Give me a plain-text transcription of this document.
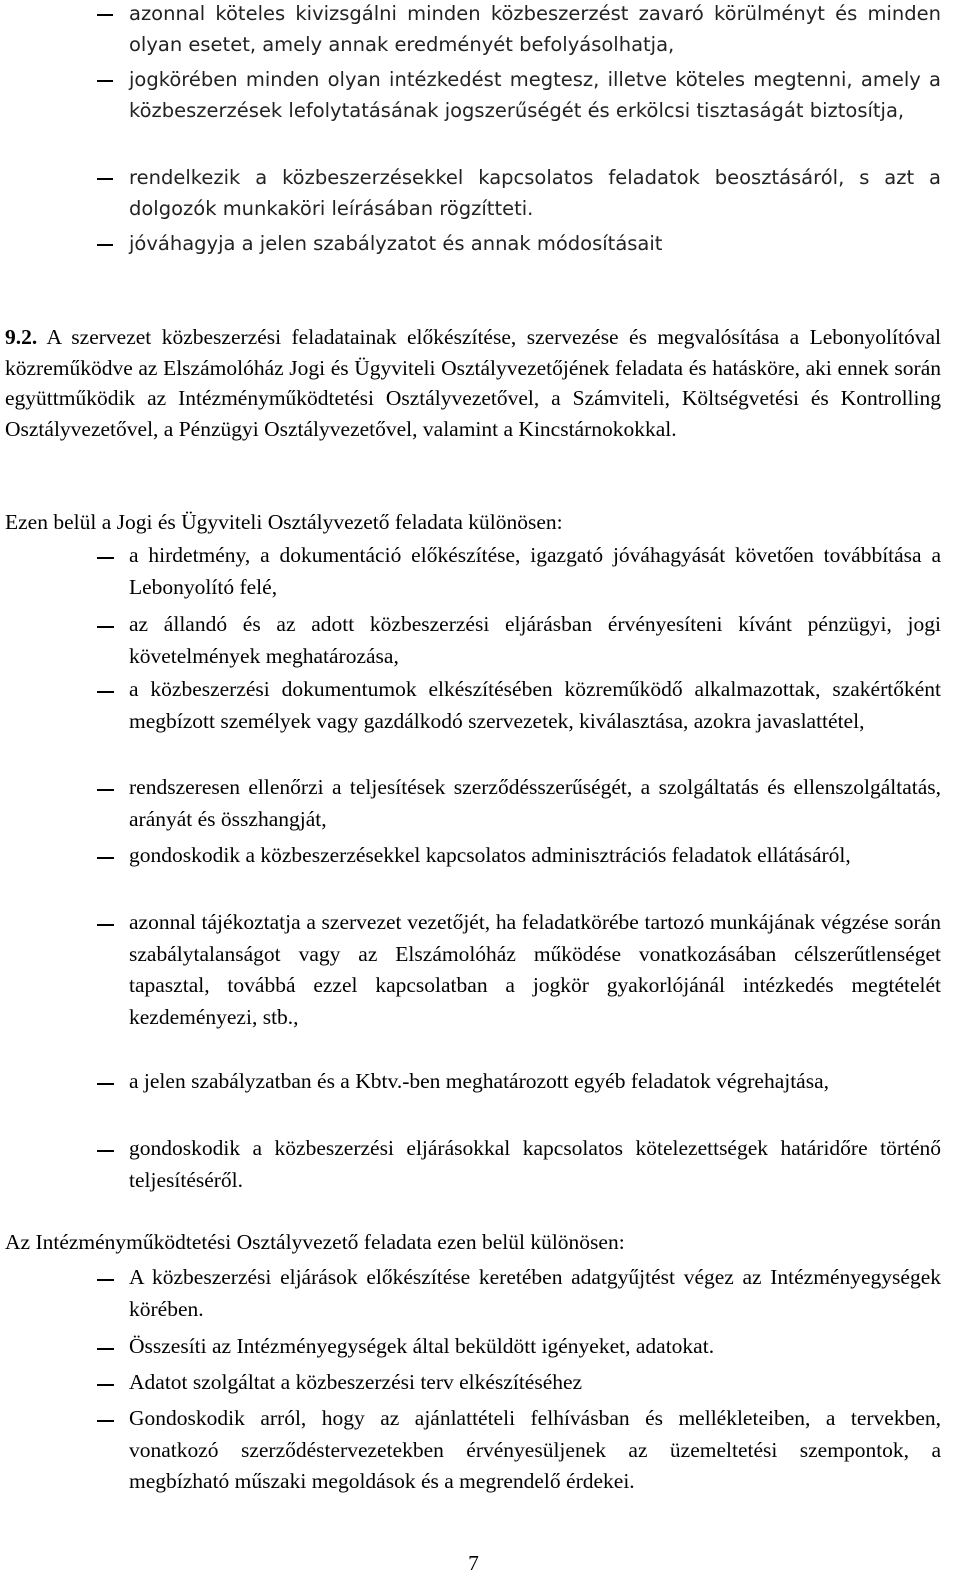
azonnal köteles kivizsgálni minden közbeszerzést zavaró körülményt és minden olyan esetet, amely annak eredményét befolyásolhatja,
jogkörében minden olyan intézkedést megtesz, illetve köteles megtenni, amely a közbeszerzések lefolytatásának jogszerűségét és erkölcsi tisztaságát biztosítja,
rendelkezik a közbeszerzésekkel kapcsolatos feladatok beosztásáról, s azt a dolgozók munkaköri leírásában rögzítteti.
jóváhagyja a jelen szabályzatot és annak módosításait
9.2. A szervezet közbeszerzési feladatainak előkészítése, szervezése és megvalósítása a Lebonyolítóval közreműködve az Elszámolóház Jogi és Ügyviteli Osztályvezetőjének feladata és hatásköre, aki ennek során együttműködik az Intézményműködtetési Osztályvezetővel, a Számviteli, Költségvetési és Kontrolling Osztályvezetővel, a Pénzügyi Osztályvezetővel, valamint a Kincstárnokokkal.
Ezen belül a Jogi és Ügyviteli Osztályvezető feladata különösen:
a hirdetmény, a dokumentáció előkészítése, igazgató jóváhagyását követően továbbítása a Lebonyolító felé,
az állandó és az adott közbeszerzési eljárásban érvényesíteni kívánt pénzügyi, jogi követelmények meghatározása,
a közbeszerzési dokumentumok elkészítésében közreműködő alkalmazottak, szakértőként megbízott személyek vagy gazdálkodó szervezetek, kiválasztása, azokra javaslattétel,
rendszeresen ellenőrzi a teljesítések szerződésszerűségét, a szolgáltatás és ellenszolgáltatás, arányát és összhangját,
gondoskodik a közbeszerzésekkel kapcsolatos adminisztrációs feladatok ellátásáról,
azonnal tájékoztatja a szervezet vezetőjét, ha feladatkörébe tartozó munkájának végzése során szabálytalanságot vagy az Elszámolóház működése vonatkozásában célszerűtlenséget tapasztal, továbbá ezzel kapcsolatban a jogkör gyakorlójánál intézkedés megtételét kezdeményezi, stb.,
a jelen szabályzatban és a Kbtv.-ben meghatározott egyéb feladatok végrehajtása,
gondoskodik a közbeszerzési eljárásokkal kapcsolatos kötelezettségek határidőre történő teljesítéséről.
Az Intézményműködtetési Osztályvezető feladata ezen belül különösen:
A közbeszerzési eljárások előkészítése keretében adatgyűjtést végez az Intézményegységek körében.
Összesíti az Intézményegységek által beküldött igényeket, adatokat.
Adatot szolgáltat a közbeszerzési terv elkészítéséhez
Gondoskodik arról, hogy az ajánlattételi felhívásban és mellékleteiben, a tervekben, vonatkozó szerződéstervezetekben érvényesüljenek az üzemeltetési szempontok, a megbízható műszaki megoldások és a megrendelő érdekei.
7
